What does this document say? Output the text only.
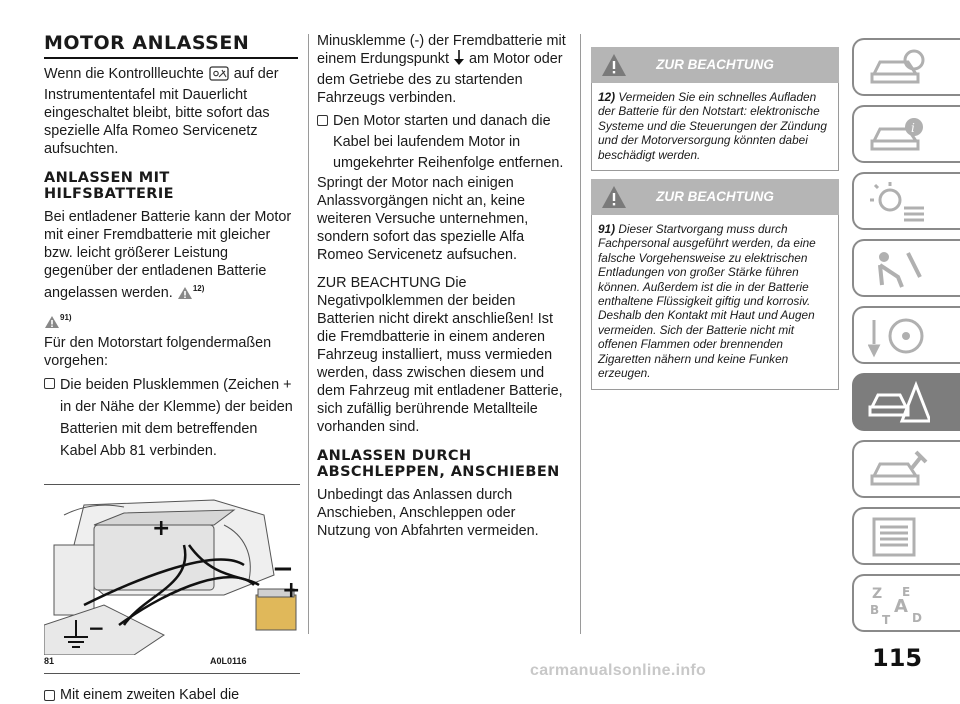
MOTOR ANLASSEN

Wenn die Kontrollleuchte auf der Instrumententafel mit Dauerlicht eingeschaltet bleibt, bitte sofort das spezielle Alfa Romeo Servicenetz aufsuchten.

ANLASSEN MIT HILFSBATTERIE

Bei entladener Batterie kann der Motor mit einer Fremdbatterie mit gleicher bzw. leicht größerer Leistung gegenüber der entladenen Batterie angelassen werden.	$^{12)}$

$^{91)}$

Für den Motorstart folgendermaßen vorgehen:

Die beiden Plusklemmen (Zeichen + in der Nähe der Klemme) der beiden Batterien mit dem betreffenden Kabel Abb 81 verbinden.
+
−
+
−
81	A0L0116
Mit einem zweiten Kabel die

Minusklemme (-) der Fremdbatterie mit einem Erdungspunkt am Motor oder dem Getriebe des zu startenden Fahrzeugs verbinden.

Den Motor starten und danach die Kabel bei laufendem Motor in umgekehrter Reihenfolge entfernen.

Springt der Motor nach einigen Anlassvorgängen nicht an, keine weiteren Versuche unternehmen, sondern sofort das spezielle Alfa Romeo Servicenetz aufsuchen.

ZUR BEACHTUNG Die Negativpolklemmen der beiden Batterien nicht direkt anschließen! Ist die Fremdbatterie in einem anderen Fahrzeug installiert, muss vermieden werden, dass zwischen diesem und dem Fahrzeug mit entladener Batterie, sich zufällig berührende Metallteile vorhanden sind.

ANLASSEN DURCH ABSCHLEPPEN, ANSCHIEBEN

Unbedingt das Anlassen durch Anschieben, Anschleppen oder Nutzung von Abfahrten vermeiden.

ZUR BEACHTUNG
12) Vermeiden Sie ein schnelles Aufladen der Batterie für den Notstart: elektronische Systeme und die Steuerungen der Zündung und der Motorversorgung könnten dabei beschädigt werden.
ZUR BEACHTUNG
91) Dieser Startvorgang muss durch Fachpersonal ausgeführt werden, da eine falsche Vorgehensweise zu elektrischen Entladungen von großer Stärke führen können. Außerdem ist die in der Batterie enthaltene Flüssigkeit giftig und korrosiv. Deshalb den Kontakt mit Haut und Augen vermeiden. Sich der Batterie nicht mit offenen Flammen oder brennenden Zigaretten nähern und keine Funken erzeugen.
i
Z E
B A
T D
115
carmanualsonline.info
